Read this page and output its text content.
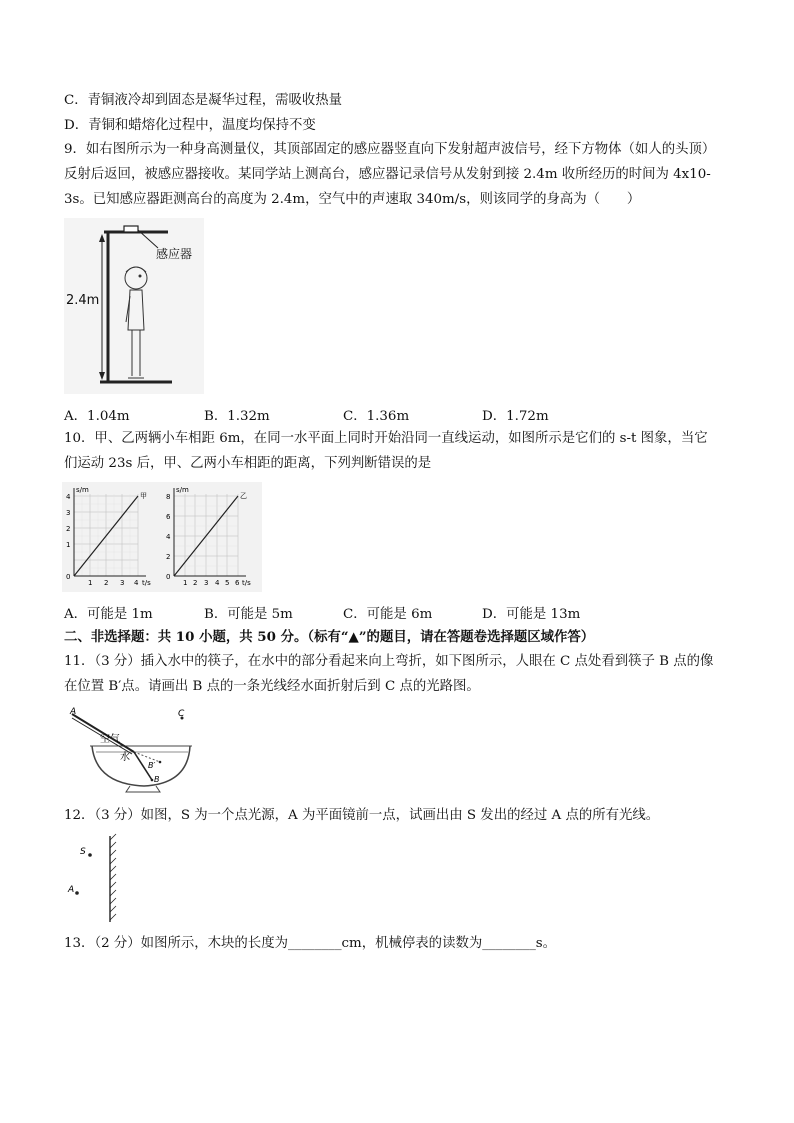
C．青铜液冷却到固态是凝华过程，需吸收热量
D．青铜和蜡熔化过程中，温度均保持不变
9．如右图所示为一种身高测量仪，其顶部固定的感应器竖直向下发射超声波信号，经下方物体（如人的头顶）
反射后返回，被感应器接收。某同学站上测高台，感应器记录信号从发射到接 2.4m 收所经历的时间为 4x10-
3s。已知感应器距测高台的高度为 2.4m，空气中的声速取 340m/s，则该同学的身高为（　　）
感应器
2.4m
A．1.04m	B．1.32m	C．1.36m	D．1.72m
10．甲、乙两辆小车相距 6m，在同一水平面上同时开始沿同一直线运动，如图所示是它们的 s-t 图象，当它
们运动 23s 后，甲、乙两小车相距的距离，下列判断错误的是
s/m
甲
4
3
2
1
0
1 2 3 4 t/s
s/m
乙
8
6
4
2
0
1 2 3 4 5 6 t/s
A．可能是 1m	B．可能是 5m	C．可能是 6m	D．可能是 13m
二、非选择题：共 10 小题，共 50 分。（标有“▲”的题目，请在答题卷选择题区域作答）
11．（3 分）插入水中的筷子，在水中的部分看起来向上弯折，如下图所示，人眼在 C 点处看到筷子 B 点的像
在位置 B′点。请画出 B 点的一条光线经水面折射后到 C 点的光路图。
A	C
空气
水
B′
B
12．（3 分）如图，S 为一个点光源，A 为平面镜前一点，试画出由 S 发出的经过 A 点的所有光线。
S
A
13．（2 分）如图所示，木块的长度为________cm，机械停表的读数为________s。
